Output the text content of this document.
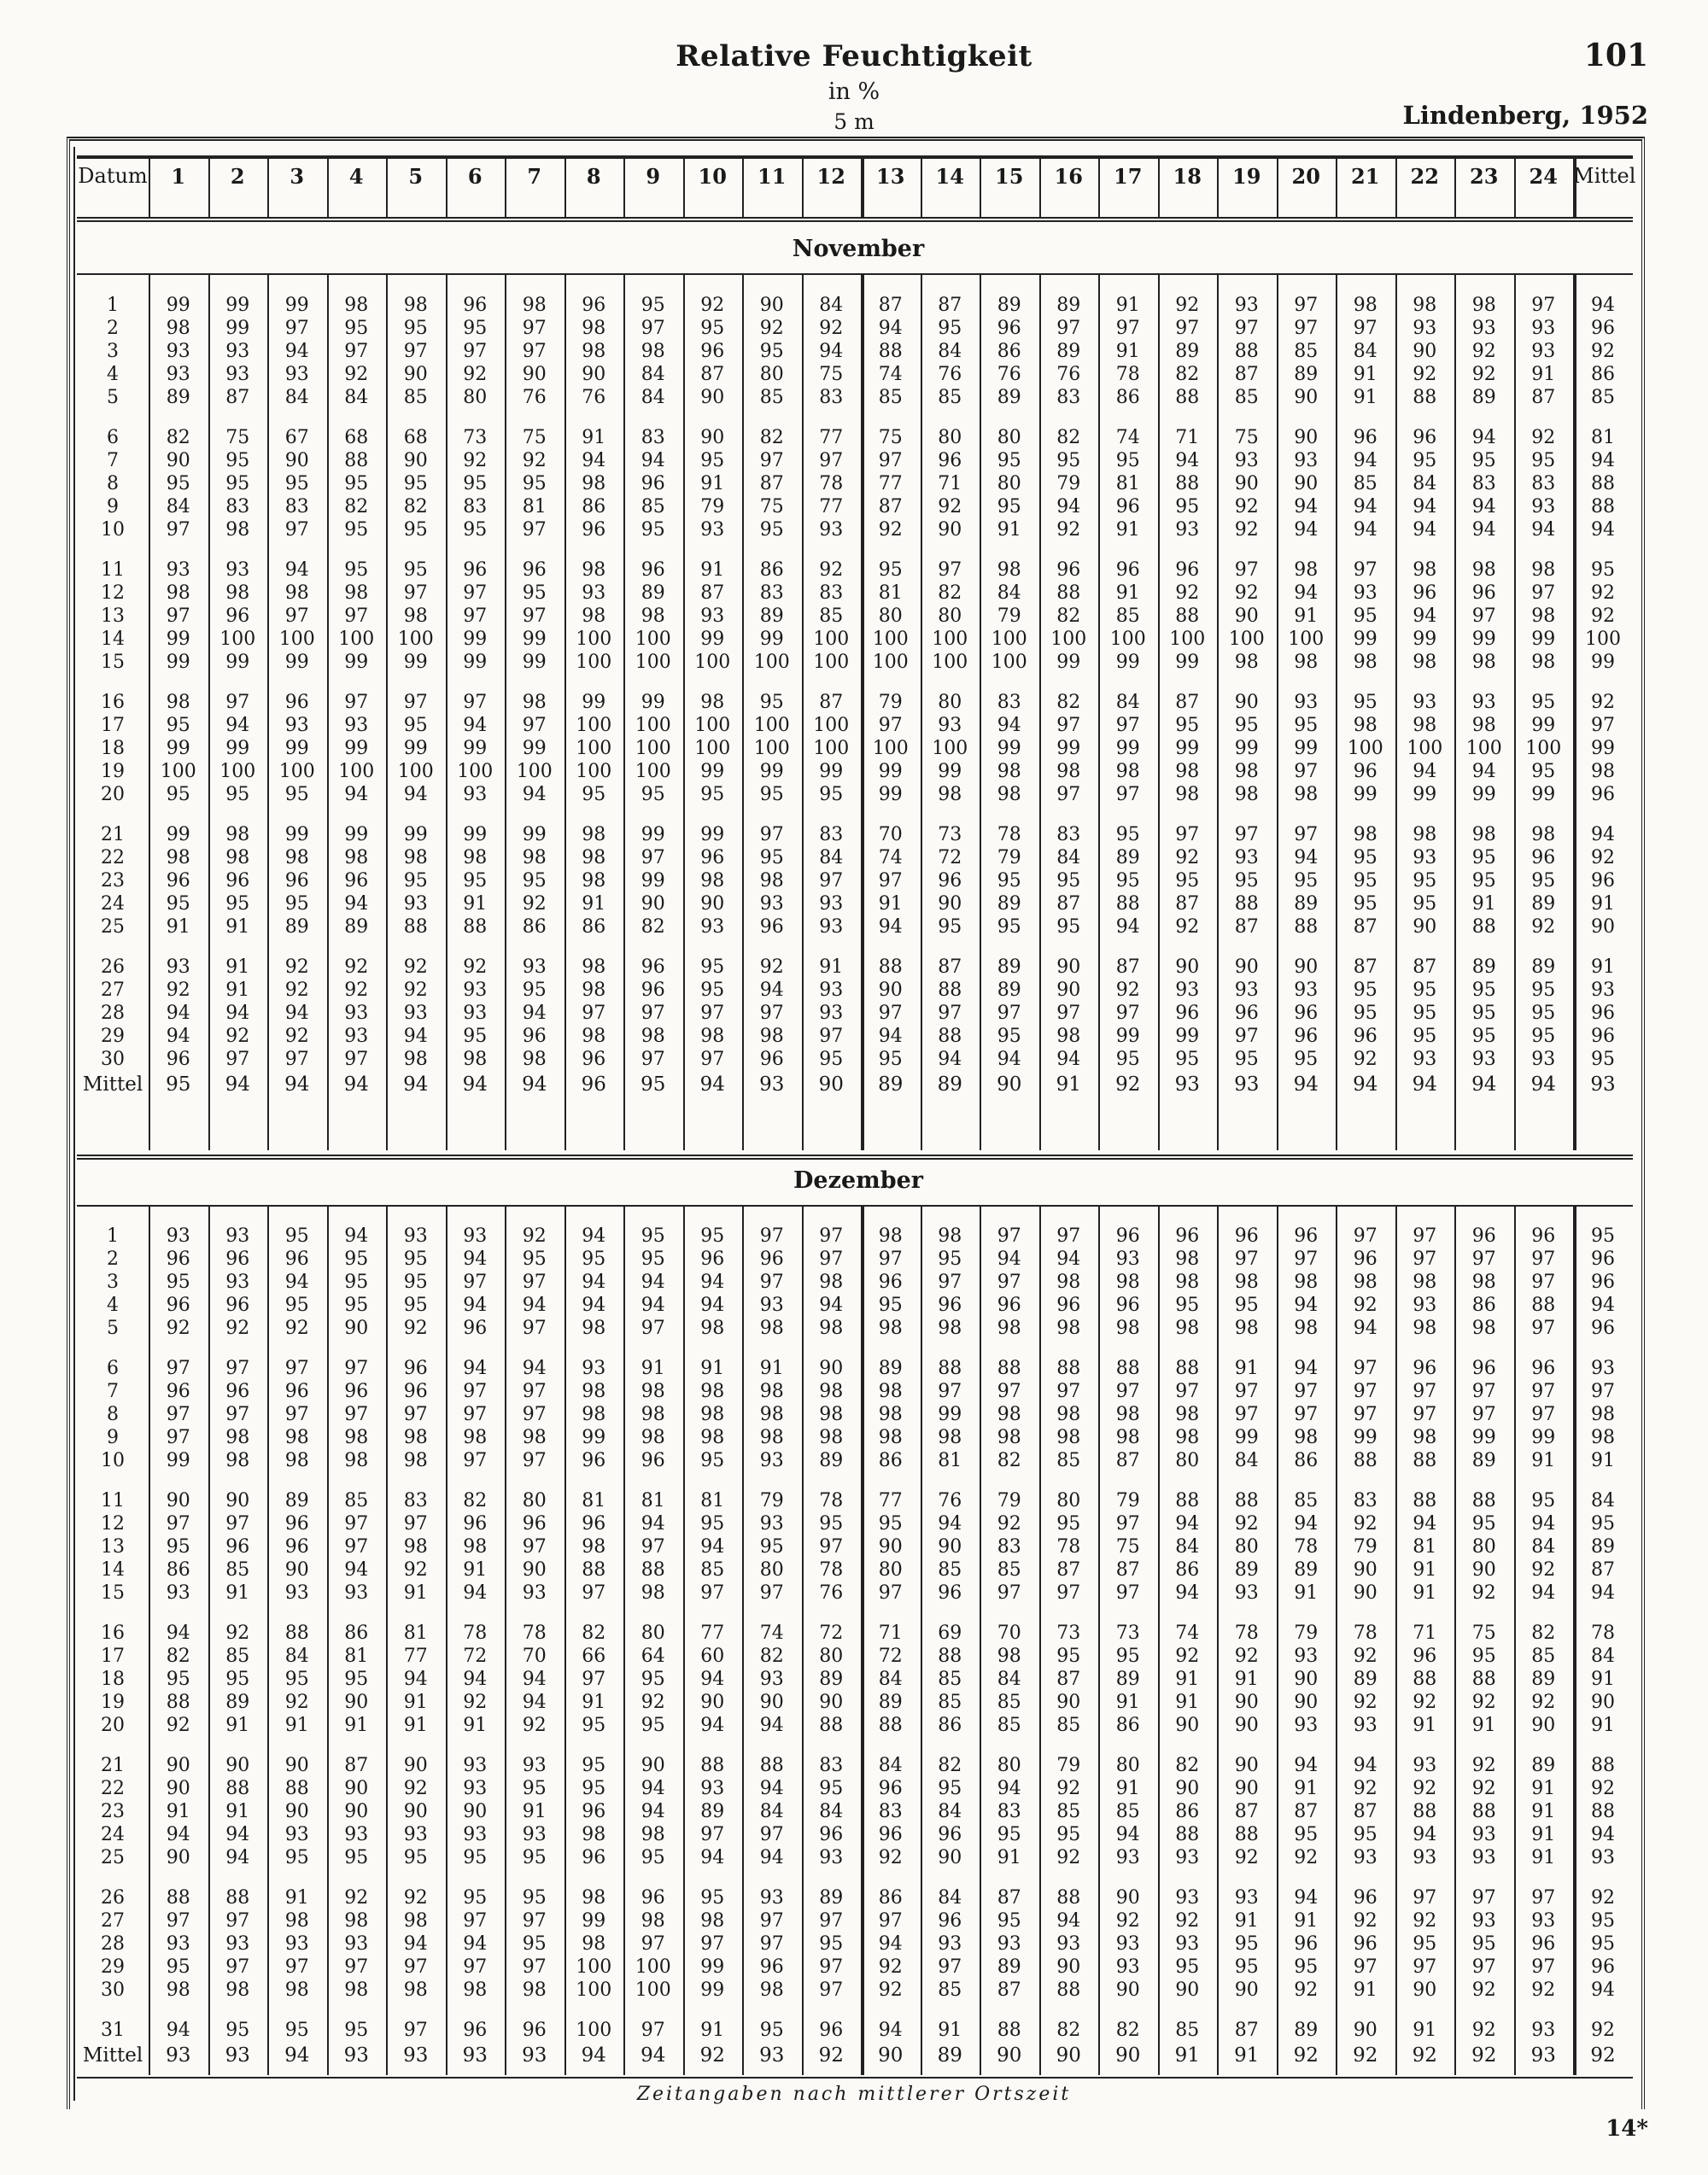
Relative Feuchtigkeit
in %
5 m
101
Lindenberg, 1952
Datum	1	2	3	4	5	6	7	8	9	10	11	12	13	14	15	16	17	18	19	20	21	22	23	24 Mittel
1	99	99	99	98	98	96	98	96	95	92	90	84	87	87	89	89	91	92	93	97	98	98	98	97	94
2	98	99	97	95	95	95	97	98	97	95	92	92	94	95	96	97	97	97	97	97	97	93	93	93	96
3	93	93	94	97	97	97	97	98	98	96	95	94	88	84	86	89	91	89	88	85	84	90	92	93	92
4	93	93	93	92	90	92	90	90	84	87	80	75	74	76	76	76	78	82	87	89	91	92	92	91	86
5	89	87	84	84	85	80	76	76	84	90	85	83	85	85	89	83	86	88	85	90	91	88	89	87	85
6	82	75	67	68	68	73	75	91	83	90	82	77	75	80	80	82	74	71	75	90	96	96	94	92	81
7	90	95	90	88	90	92	92	94	94	95	97	97	97	96	95	95	95	94	93	93	94	95	95	95	94
8	95	95	95	95	95	95	95	98	96	91	87	78	77	71	80	79	81	88	90	90	85	84	83	83	88
9	84	83	83	82	82	83	81	86	85	79	75	77	87	92	95	94	96	95	92	94	94	94	94	93	88
10	97	98	97	95	95	95	97	96	95	93	95	93	92	90	91	92	91	93	92	94	94	94	94	94	94
11	93	93	94	95	95	96	96	98	96	91	86	92	95	97	98	96	96	96	97	98	97	98	98	98	95
12	98	98	98	98	97	97	95	93	89	87	83	83	81	82	84	88	91	92	92	94	93	96	96	97	92
13	97	96	97	97	98	97	97	98	98	93	89	85	80	80	79	82	85	88	90	91	95	94	97	98	92
14	99	100	100	100	100	99	99	100	100	99	99	100	100	100	100	100	100	100	100	100	99	99	99	99	100
15	99	99	99	99	99	99	99	100	100	100	100	100	100	100	100	99	99	99	98	98	98	98	98	98	99
16	98	97	96	97	97	97	98	99	99	98	95	87	79	80	83	82	84	87	90	93	95	93	93	95	92
17	95	94	93	93	95	94	97	100	100	100	100	100	97	93	94	97	97	95	95	95	98	98	98	99	97
18	99	99	99	99	99	99	99	100	100	100	100	100	100	100	99	99	99	99	99	99	100	100	100	100	99
19	100	100	100	100	100	100	100	100	100	99	99	99	99	99	98	98	98	98	98	97	96	94	94	95	98
20	95	95	95	94	94	93	94	95	95	95	95	95	99	98	98	97	97	98	98	98	99	99	99	99	96
21	99	98	99	99	99	99	99	98	99	99	97	83	70	73	78	83	95	97	97	97	98	98	98	98	94
22	98	98	98	98	98	98	98	98	97	96	95	84	74	72	79	84	89	92	93	94	95	93	95	96	92
23	96	96	96	96	95	95	95	98	99	98	98	97	97	96	95	95	95	95	95	95	95	95	95	95	96
24	95	95	95	94	93	91	92	91	90	90	93	93	91	90	89	87	88	87	88	89	95	95	91	89	91
25	91	91	89	89	88	88	86	86	82	93	96	93	94	95	95	95	94	92	87	88	87	90	88	92	90
26	93	91	92	92	92	92	93	98	96	95	92	91	88	87	89	90	87	90	90	90	87	87	89	89	91
27	92	91	92	92	92	93	95	98	96	95	94	93	90	88	89	90	92	93	93	93	95	95	95	95	93
28	94	94	94	93	93	93	94	97	97	97	97	93	97	97	97	97	97	96	96	96	95	95	95	95	96
29	94	92	92	93	94	95	96	98	98	98	98	97	94	88	95	98	99	99	97	96	96	95	95	95	96
30	96	97	97	97	98	98	98	96	97	97	96	95	95	94	94	94	95	95	95	95	92	93	93	93	95
Mittel	95	94	94	94	94	94	94	96	95	94	93	90	89	89	90	91	92	93	93	94	94	94	94	94	93
1	93	93	95	94	93	93	92	94	95	95	97	97	98	98	97	97	96	96	96	96	97	97	96	96	95
2	96	96	96	95	95	94	95	95	95	96	96	97	97	95	94	94	93	98	97	97	96	97	97	97	96
3	95	93	94	95	95	97	97	94	94	94	97	98	96	97	97	98	98	98	98	98	98	98	98	97	96
4	96	96	95	95	95	94	94	94	94	94	93	94	95	96	96	96	96	95	95	94	92	93	86	88	94
5	92	92	92	90	92	96	97	98	97	98	98	98	98	98	98	98	98	98	98	98	94	98	98	97	96
6	97	97	97	97	96	94	94	93	91	91	91	90	89	88	88	88	88	88	91	94	97	96	96	96	93
7	96	96	96	96	96	97	97	98	98	98	98	98	98	97	97	97	97	97	97	97	97	97	97	97	97
8	97	97	97	97	97	97	97	98	98	98	98	98	98	99	98	98	98	98	97	97	97	97	97	97	98
9	97	98	98	98	98	98	98	99	98	98	98	98	98	98	98	98	98	98	99	98	99	98	99	99	98
10	99	98	98	98	98	97	97	96	96	95	93	89	86	81	82	85	87	80	84	86	88	88	89	91	91
11	90	90	89	85	83	82	80	81	81	81	79	78	77	76	79	80	79	88	88	85	83	88	88	95	84
12	97	97	96	97	97	96	96	96	94	95	93	95	95	94	92	95	97	94	92	94	92	94	95	94	95
13	95	96	96	97	98	98	97	98	97	94	95	97	90	90	83	78	75	84	80	78	79	81	80	84	89
14	86	85	90	94	92	91	90	88	88	85	80	78	80	85	85	87	87	86	89	89	90	91	90	92	87
15	93	91	93	93	91	94	93	97	98	97	97	76	97	96	97	97	97	94	93	91	90	91	92	94	94
16	94	92	88	86	81	78	78	82	80	77	74	72	71	69	70	73	73	74	78	79	78	71	75	82	78
17	82	85	84	81	77	72	70	66	64	60	82	80	72	88	98	95	95	92	92	93	92	96	95	85	84
18	95	95	95	95	94	94	94	97	95	94	93	89	84	85	84	87	89	91	91	90	89	88	88	89	91
19	88	89	92	90	91	92	94	91	92	90	90	90	89	85	85	90	91	91	90	90	92	92	92	92	90
20	92	91	91	91	91	91	92	95	95	94	94	88	88	86	85	85	86	90	90	93	93	91	91	90	91
21	90	90	90	87	90	93	93	95	90	88	88	83	84	82	80	79	80	82	90	94	94	93	92	89	88
22	90	88	88	90	92	93	95	95	94	93	94	95	96	95	94	92	91	90	90	91	92	92	92	91	92
23	91	91	90	90	90	90	91	96	94	89	84	84	83	84	83	85	85	86	87	87	87	88	88	91	88
24	94	94	93	93	93	93	93	98	98	97	97	96	96	96	95	95	94	88	88	95	95	94	93	91	94
25	90	94	95	95	95	95	95	96	95	94	94	93	92	90	91	92	93	93	92	92	93	93	93	91	93
26	88	88	91	92	92	95	95	98	96	95	93	89	86	84	87	88	90	93	93	94	96	97	97	97	92
27	97	97	98	98	98	97	97	99	98	98	97	97	97	96	95	94	92	92	91	91	92	92	93	93	95
28	93	93	93	93	94	94	95	98	97	97	97	95	94	93	93	93	93	93	95	96	96	95	95	96	95
29	95	97	97	97	97	97	97	100	100	99	96	97	92	97	89	90	93	95	95	95	97	97	97	97	96
30	98	98	98	98	98	98	98	100	100	99	98	97	92	85	87	88	90	90	90	92	91	90	92	92	94
31	94	95	95	95	97	96	96	100	97	91	95	96	94	91	88	82	82	85	87	89	90	91	92	93	92
Mittel	93	93	94	93	93	93	93	94	94	92	93	92	90	89	90	90	90	91	91	92	92	92	92	93	92
November
Dezember
Zeitangaben nach mittlerer Ortszeit
14*
